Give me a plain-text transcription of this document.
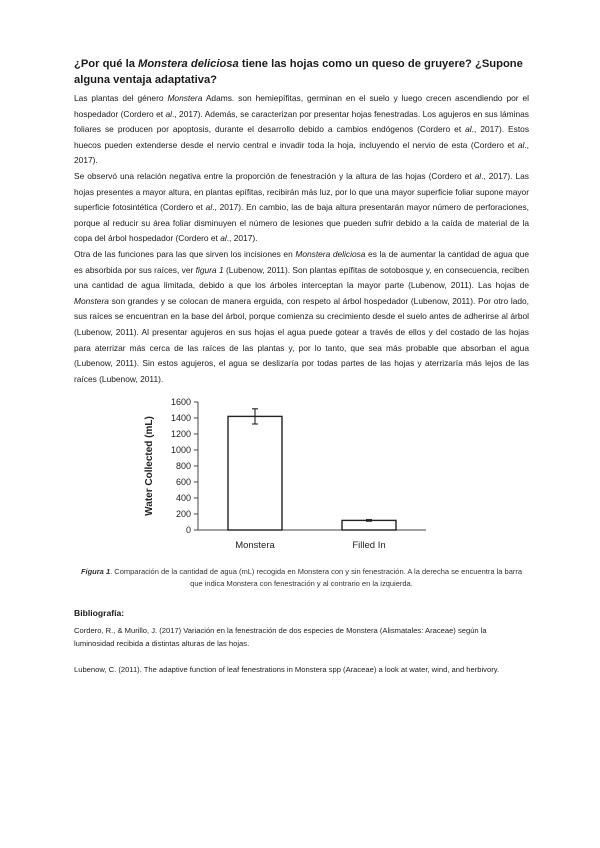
¿Por qué la Monstera deliciosa tiene las hojas como un queso de gruyere? ¿Supone alguna ventaja adaptativa?

Las plantas del género Monstera Adams. son hemiepífitas, germinan en el suelo y luego crecen ascendiendo por el hospedador (Cordero et al., 2017). Además, se caracterizan por presentar hojas fenestradas. Los agujeros en sus láminas foliares se producen por apoptosis, durante el desarrollo debido a cambios endógenos (Cordero et al., 2017). Estos huecos pueden extenderse desde el nervio central e invadir toda la hoja, incluyendo el nervio de esta (Cordero et al., 2017).

Se observó una relación negativa entre la proporción de fenestración y la altura de las hojas (Cordero et al., 2017). Las hojas presentes a mayor altura, en plantas epífitas, recibirán más luz, por lo que una mayor superficie foliar supone mayor superficie fotosintética (Cordero et al., 2017). En cambio, las de baja altura presentarán mayor número de perforaciones, porque al reducir su área foliar disminuyen el número de lesiones que pueden sufrir debido a la caída de material de la copa del árbol hospedador (Cordero et al., 2017).

Otra de las funciones para las que sirven los incisiones en Monstera deliciosa es la de aumentar la cantidad de agua que es absorbida por sus raíces, ver figura 1 (Lubenow, 2011). Son plantas epífitas de sotobosque y, en consecuencia, reciben una cantidad de agua limitada, debido a que los árboles interceptan la mayor parte (Lubenow, 2011). Las hojas de Monstera son grandes y se colocan de manera erguida, con respeto al árbol hospedador (Lubenow, 2011). Por otro lado, sus raíces se encuentran en la base del árbol, porque comienza su crecimiento desde el suelo antes de adherirse al árbol (Lubenow, 2011). Al presentar agujeros en sus hojas el agua puede gotear a través de ellos y del costado de las hojas para aterrizar más cerca de las raíces de las plantas y, por lo tanto, que sea más probable que absorban el agua (Lubenow, 2011). Sin estos agujeros, el agua se deslizaría por todas partes de las hojas y aterrizaría más lejos de las raíces (Lubenow, 2011).

0
200
400
600
800
1000
1200
1400
1600
Water Collected (mL)
Monstera	Filled In
Figura 1. Comparación de la cantidad de agua (mL) recogida en Monstera con y sin fenestración. A la derecha se encuentra la barra que indica Monstera con fenestración y al contrario en la izquierda.
Bibliografía:
Cordero, R., & Murillo, J. (2017) Variación en la fenestración de dos especies de Monstera (Alismatales: Araceae) según la luminosidad recibida a distintas alturas de las hojas.
Lubenow, C. (2011). The adaptive function of leaf fenestrations in Monstera spp (Araceae) a look at water, wind, and herbivory.
